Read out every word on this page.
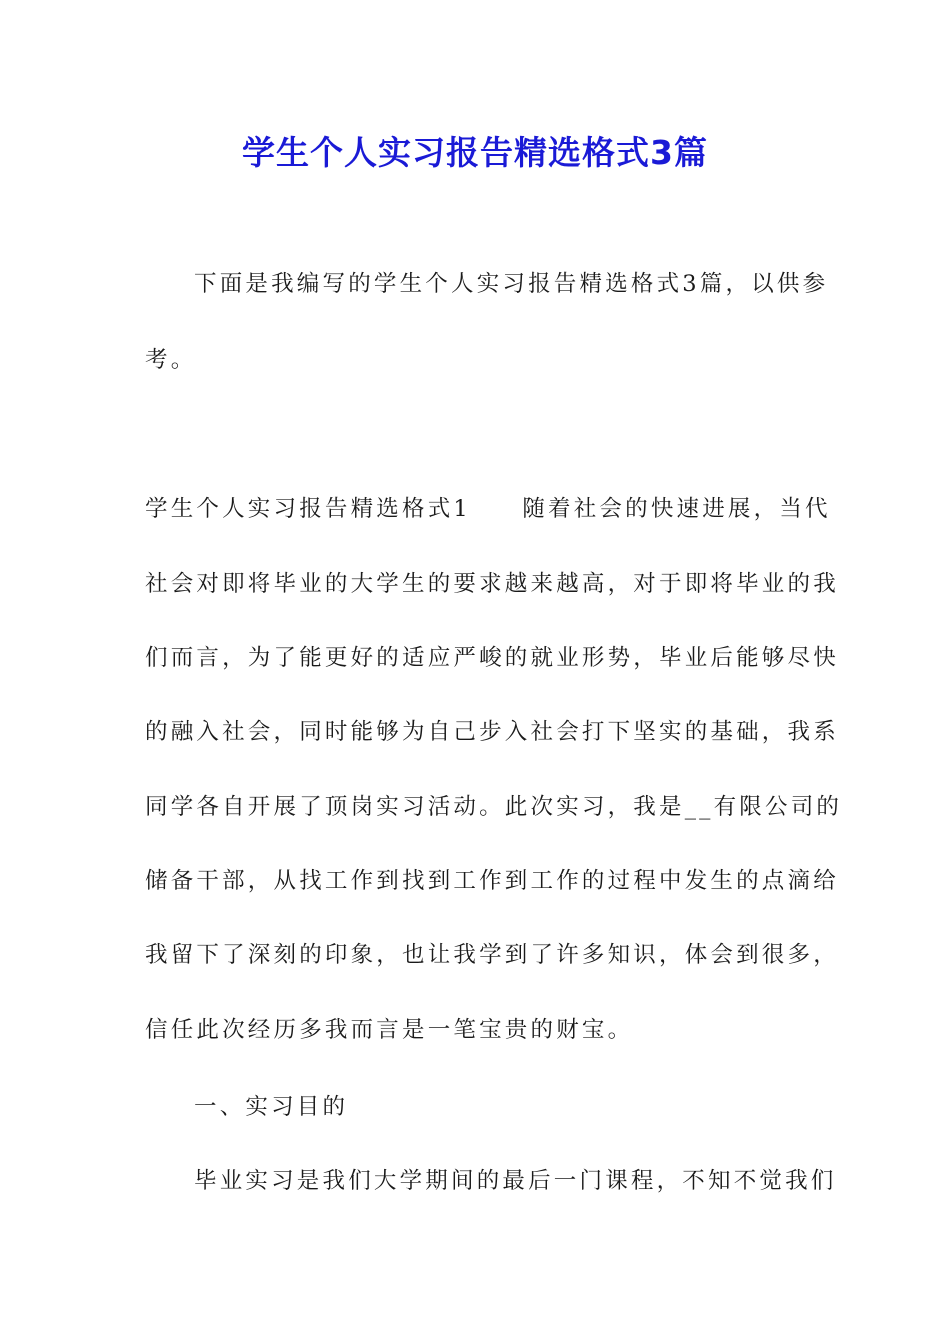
学生个人实习报告精选格式3篇
下面是我编写的学生个人实习报告精选格式3篇，以供参
考。
学生个人实习报告精选格式1　　随着社会的快速进展，当代
社会对即将毕业的大学生的要求越来越高，对于即将毕业的我
们而言，为了能更好的适应严峻的就业形势，毕业后能够尽快
的融入社会，同时能够为自己步入社会打下坚实的基础，我系
同学各自开展了顶岗实习活动。此次实习，我是__有限公司的
储备干部，从找工作到找到工作到工作的过程中发生的点滴给
我留下了深刻的印象，也让我学到了许多知识，体会到很多，
信任此次经历多我而言是一笔宝贵的财宝。
一、实习目的
毕业实习是我们大学期间的最后一门课程，不知不觉我们
